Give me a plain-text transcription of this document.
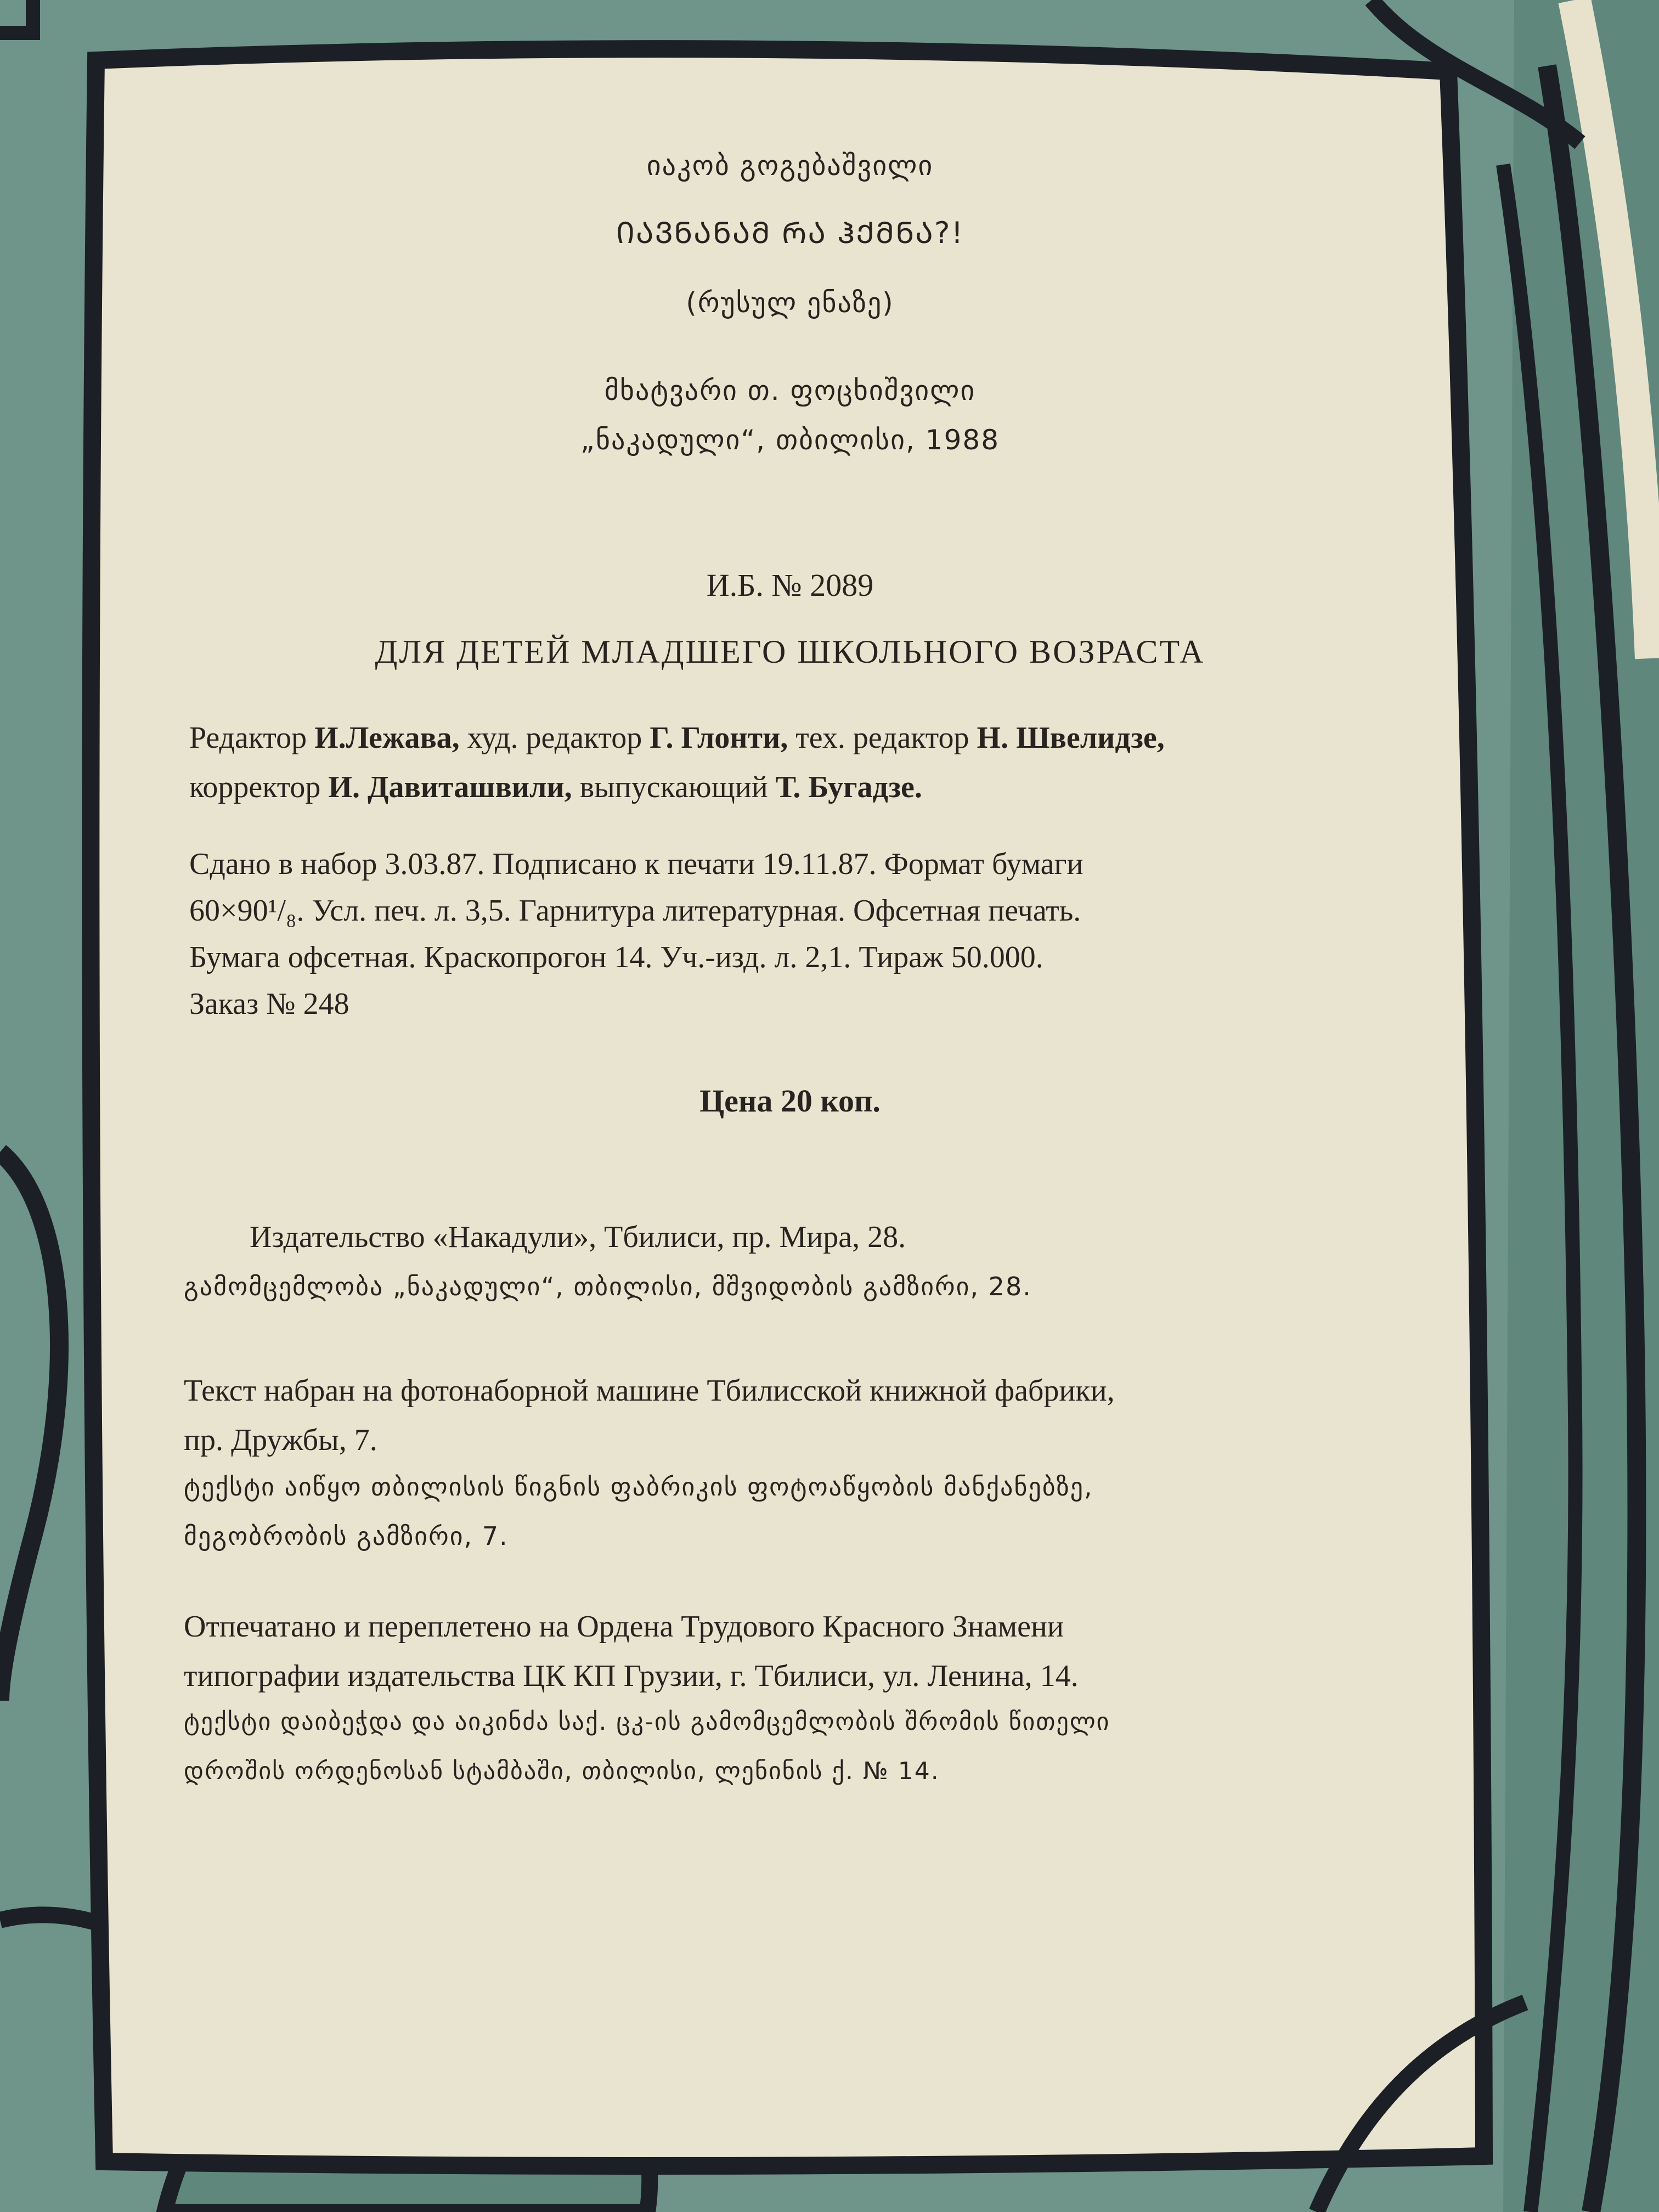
იაკობ გოგებაშვილი
ᲘᲐᲕᲜᲐᲜᲐᲛ ᲠᲐ ᲰᲥᲛᲜᲐ?!
(რუსულ ენაზე)
მხატვარი თ. ფოცხიშვილი
„ნაკადული“, თბილისი, 1988
И.Б. № 2089
ДЛЯ ДЕТЕЙ МЛАДШЕГО ШКОЛЬНОГО ВОЗРАСТА
Редактор И.Лежава, худ. редактор Г. Глонти, тех. редактор Н. Швелидзе,
корректор И. Давиташвили, выпускающий Т. Бугадзе.
Сдано в набор 3.03.87. Подписано к печати 19.11.87. Формат бумаги
60×90¹/₈. Усл. печ. л. 3,5. Гарнитура литературная. Офсетная печать.
Бумага офсетная. Краскопрогон 14. Уч.-изд. л. 2,1. Тираж 50.000.
Заказ № 248
Цена 20 коп.
Издательство «Накадули», Тбилиси, пр. Мира, 28.
გამომცემლობა „ნაკადული“, თბილისი, მშვიდობის გამზირი, 28.
Текст набран на фотонаборной машине Тбилисской книжной фабрики,
пр. Дружбы, 7.
ტექსტი აიწყო თბილისის წიგნის ფაბრიკის ფოტოაწყობის მანქანებზე,
მეგობრობის გამზირი, 7.
Отпечатано и переплетено на Ордена Трудового Красного Знамени
типографии издательства ЦК КП Грузии, г. Тбилиси, ул. Ленина, 14.
ტექსტი დაიბეჭდა და აიკინძა საქ. ცკ-ის გამომცემლობის შრომის წითელი
დროშის ორდენოსან სტამბაში, თბილისი, ლენინის ქ. № 14.
